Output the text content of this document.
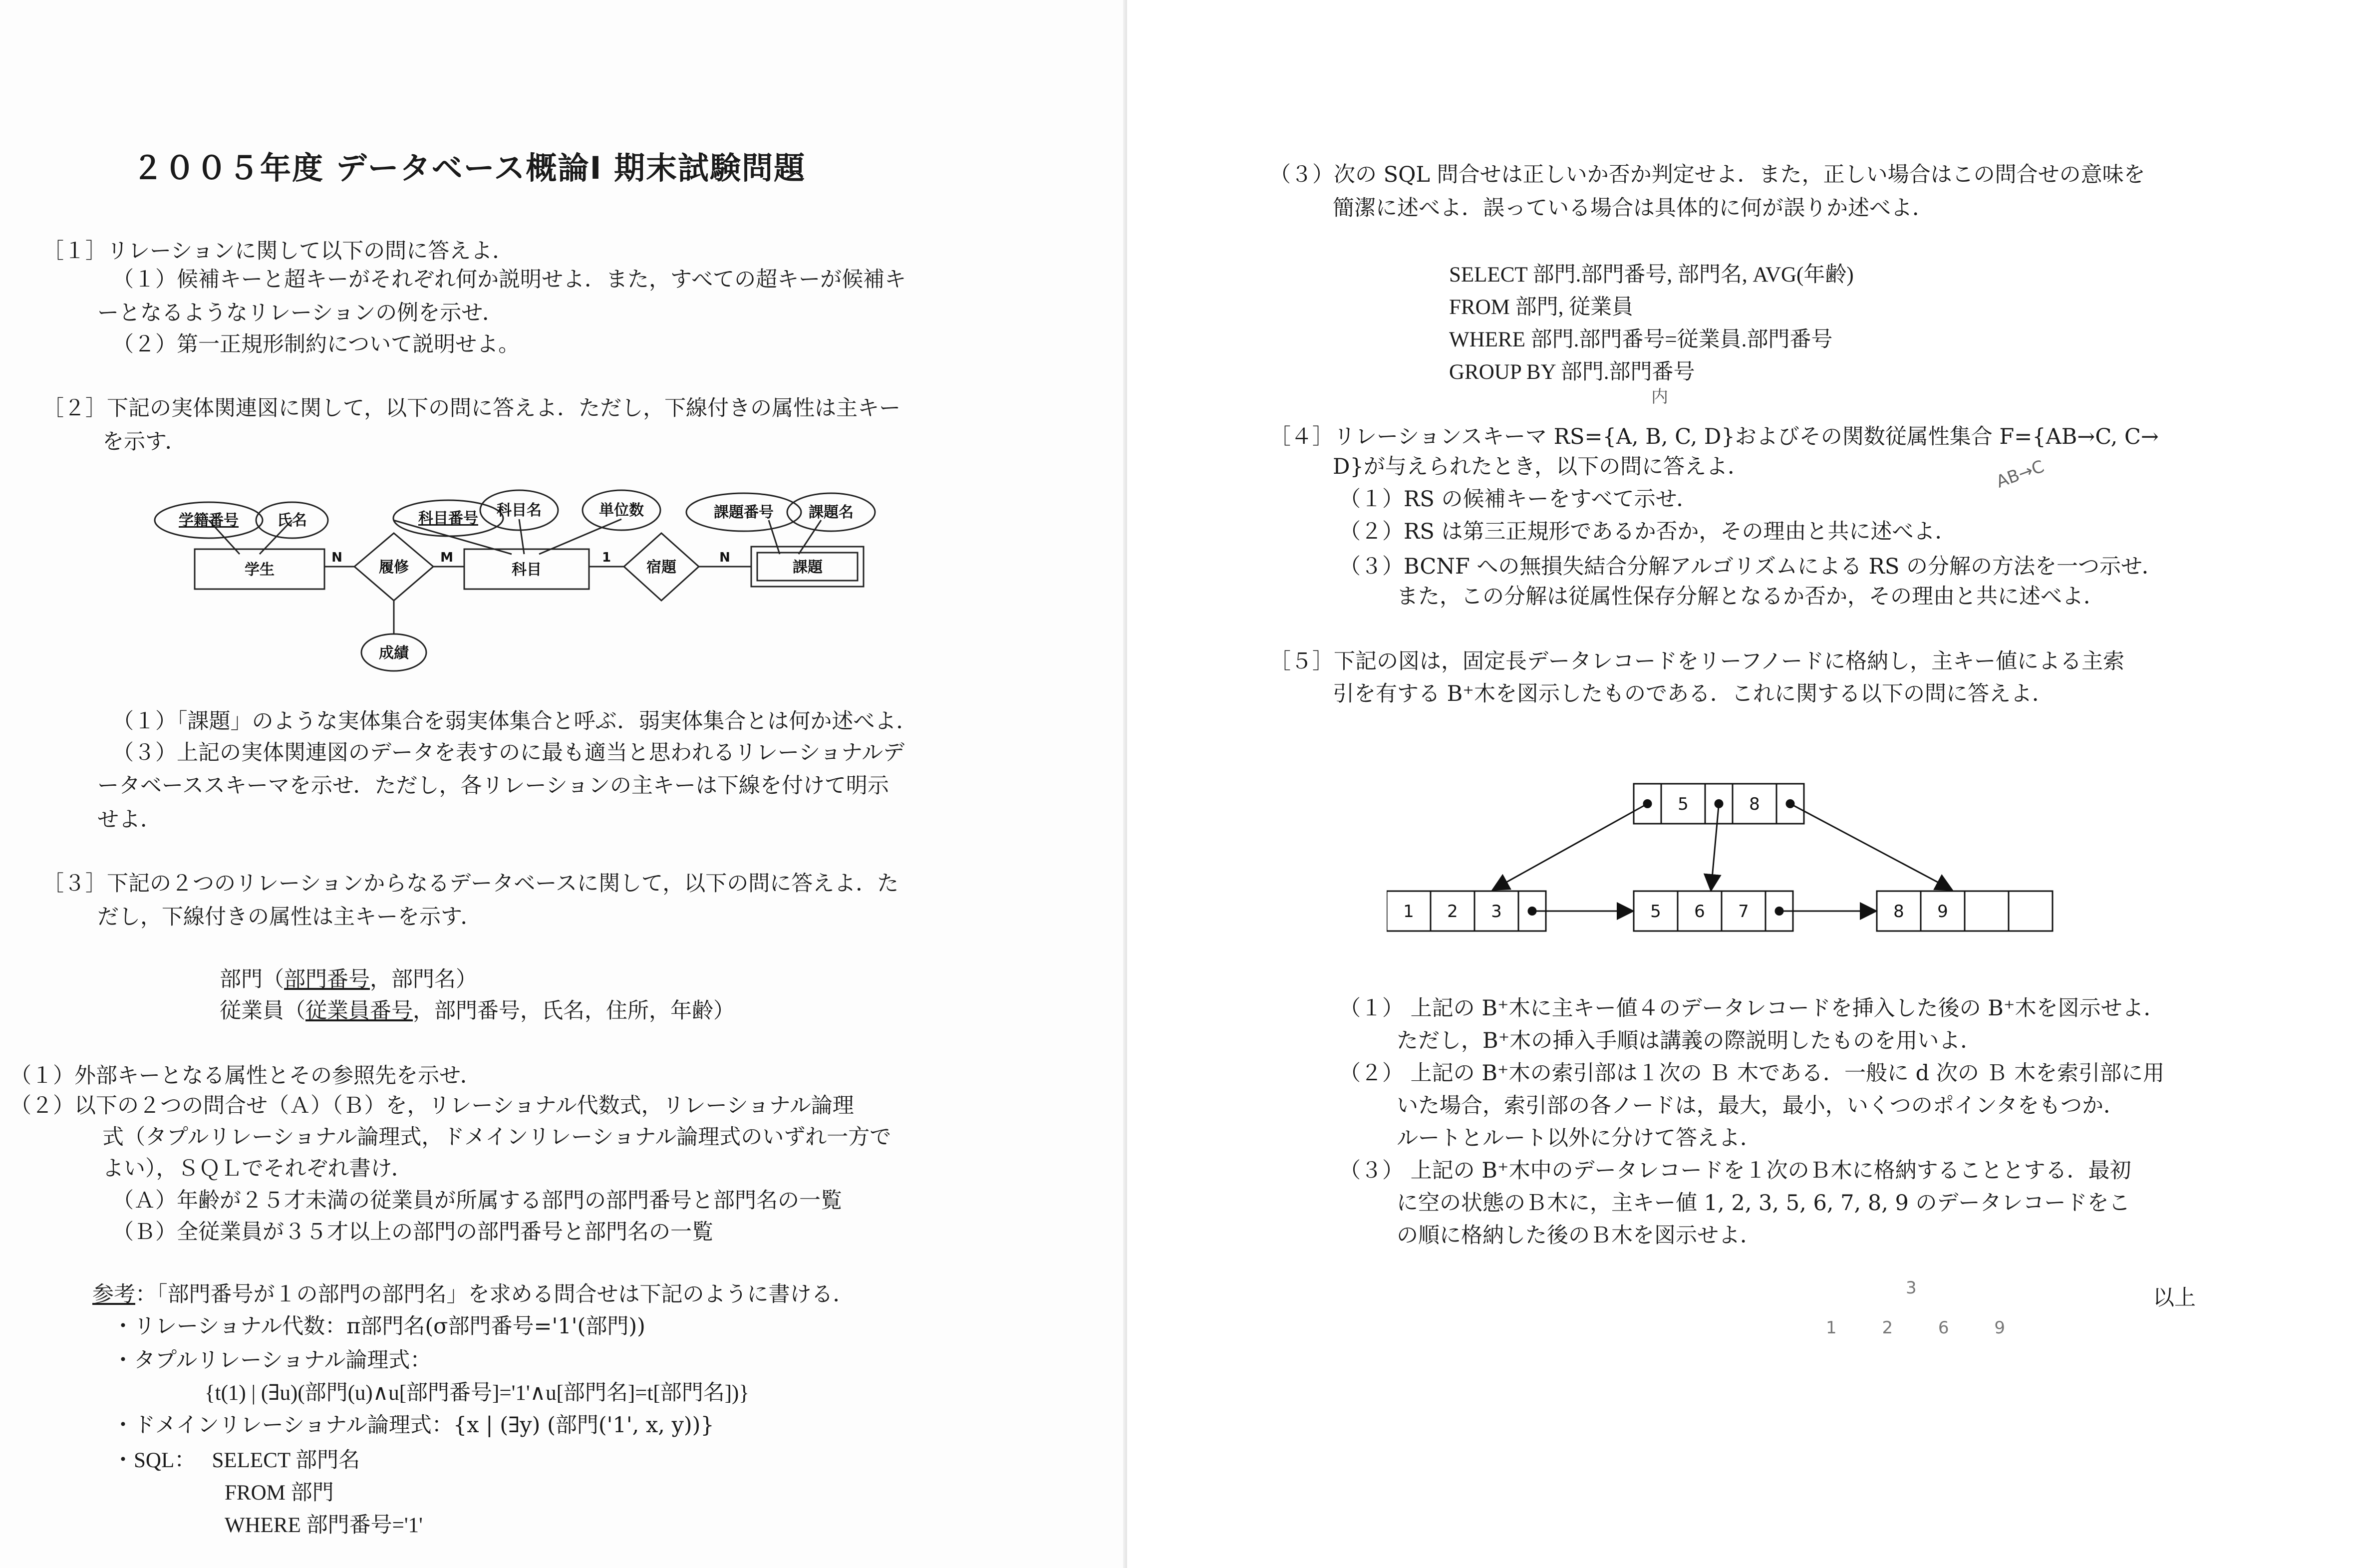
２００５年度 データベース概論Ⅰ 期末試験問題
［１］リレーションに関して以下の問に答えよ．
（１）候補キーと超キーがそれぞれ何か説明せよ．また，すべての超キーが候補キ
ーとなるようなリレーションの例を示せ．
（２）第一正規形制約について説明せよ。
［２］下記の実体関連図に関して，以下の問に答えよ．ただし，下線付きの属性は主キー
を示す．
学籍番号	氏名	科目番号 科目名	単位数	課題番号 課題名
学生	履修	科目	宿題	課題
成績
N	M	1	N
（１）「課題」のような実体集合を弱実体集合と呼ぶ．弱実体集合とは何か述べよ．
（３）上記の実体関連図のデータを表すのに最も適当と思われるリレーショナルデ
ータベーススキーマを示せ．ただし，各リレーションの主キーは下線を付けて明示
せよ．
［３］下記の２つのリレーションからなるデータベースに関して，以下の問に答えよ．た
だし，下線付きの属性は主キーを示す．
部門（部門番号，部門名）
従業員（従業員番号，部門番号，氏名，住所，年齢）
（１）外部キーとなる属性とその参照先を示せ．
（２）以下の２つの問合せ（Ａ）（Ｂ）を，リレーショナル代数式，リレーショナル論理
式（タプルリレーショナル論理式，ドメインリレーショナル論理式のいずれ一方で
よい），ＳＱＬでそれぞれ書け．
（Ａ）年齢が２５才未満の従業員が所属する部門の部門番号と部門名の一覧
（Ｂ）全従業員が３５才以上の部門の部門番号と部門名の一覧
参考：「部門番号が１の部門の部門名」を求める問合せは下記のように書ける．
・リレーショナル代数：π部門名(σ部門番号='1'(部門))
・タプルリレーショナル論理式：
{t(1) | (∃u)(部門(u)∧u[部門番号]='1'∧u[部門名]=t[部門名])}
・ドメインリレーショナル論理式：{x | (∃y) (部門('1', x, y))}
・SQL：   SELECT 部門名
FROM 部門
WHERE 部門番号='1'
（３）次の SQL 問合せは正しいか否か判定せよ．また，正しい場合はこの問合せの意味を
簡潔に述べよ．誤っている場合は具体的に何が誤りか述べよ．
SELECT 部門.部門番号, 部門名, AVG(年齢)
FROM 部門, 従業員
WHERE 部門.部門番号=従業員.部門番号
GROUP BY 部門.部門番号
内
［４］リレーションスキーマ RS={A, B, C, D}およびその関数従属性集合 F={AB→C, C→
D}が与えられたとき，以下の問に答えよ．
（１）RS の候補キーをすべて示せ．
（２）RS は第三正規形であるか否か，その理由と共に述べよ．
（３）BCNF への無損失結合分解アルゴリズムによる RS の分解の方法を一つ示せ．
また，この分解は従属性保存分解となるか否か，その理由と共に述べよ．
AB→C
［５］下記の図は，固定長データレコードをリーフノードに格納し，主キー値による主索
引を有する B⁺木を図示したものである．これに関する以下の問に答えよ．
5	8
1 2 3	5 6 7	8 9
（１） 上記の B⁺木に主キー値４のデータレコードを挿入した後の B⁺木を図示せよ．
ただし，B⁺木の挿入手順は講義の際説明したものを用いよ．
（２） 上記の B⁺木の索引部は１次の Ｂ 木である．一般に d 次の Ｂ 木を索引部に用
いた場合，索引部の各ノードは，最大，最小，いくつのポインタをもつか．
ルートとルート以外に分けて答えよ．
（３） 上記の B⁺木中のデータレコードを１次のＢ木に格納することとする．最初
に空の状態のＢ木に，主キー値 1, 2, 3, 5, 6, 7, 8, 9 のデータレコードをこ
の順に格納した後のＢ木を図示せよ．
以上
1 2 6 9
3
